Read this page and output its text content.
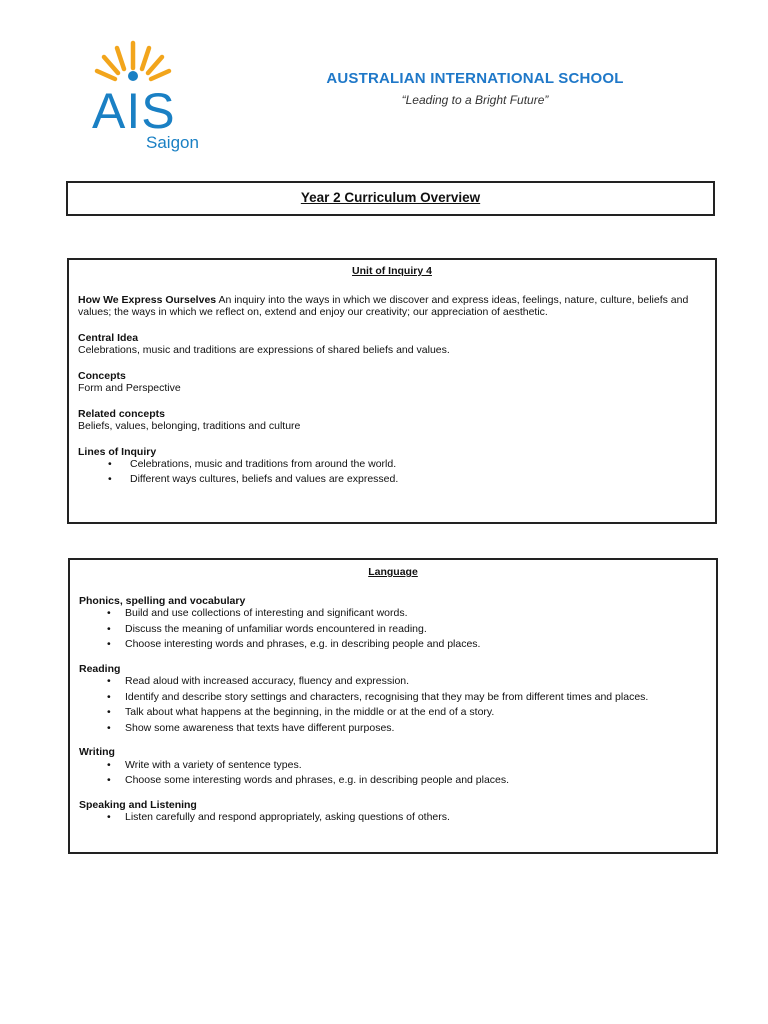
AIS
Saigon
AUSTRALIAN INTERNATIONAL SCHOOL
“Leading to a Bright Future”
Year 2 Curriculum Overview
Unit of Inquiry 4
How We Express Ourselves An inquiry into the ways in which we discover and express ideas, feelings, nature, culture, beliefs and values; the ways in which we reflect on, extend and enjoy our creativity; our appreciation of aesthetic.
Central Idea
Celebrations, music and traditions are expressions of shared beliefs and values.
Concepts
Form and Perspective
Related concepts
Beliefs, values, belonging, traditions and culture
Lines of Inquiry
• Celebrations, music and traditions from around the world.
• Different ways cultures, beliefs and values are expressed.
Language
Phonics, spelling and vocabulary
• Build and use collections of interesting and significant words.
• Discuss the meaning of unfamiliar words encountered in reading.
• Choose interesting words and phrases, e.g. in describing people and places.
Reading
• Read aloud with increased accuracy, fluency and expression.
• Identify and describe story settings and characters, recognising that they may be from different times and places.
• Talk about what happens at the beginning, in the middle or at the end of a story.
• Show some awareness that texts have different purposes.
Writing
• Write with a variety of sentence types.
• Choose some interesting words and phrases, e.g. in describing people and places.
Speaking and Listening
• Listen carefully and respond appropriately, asking questions of others.
